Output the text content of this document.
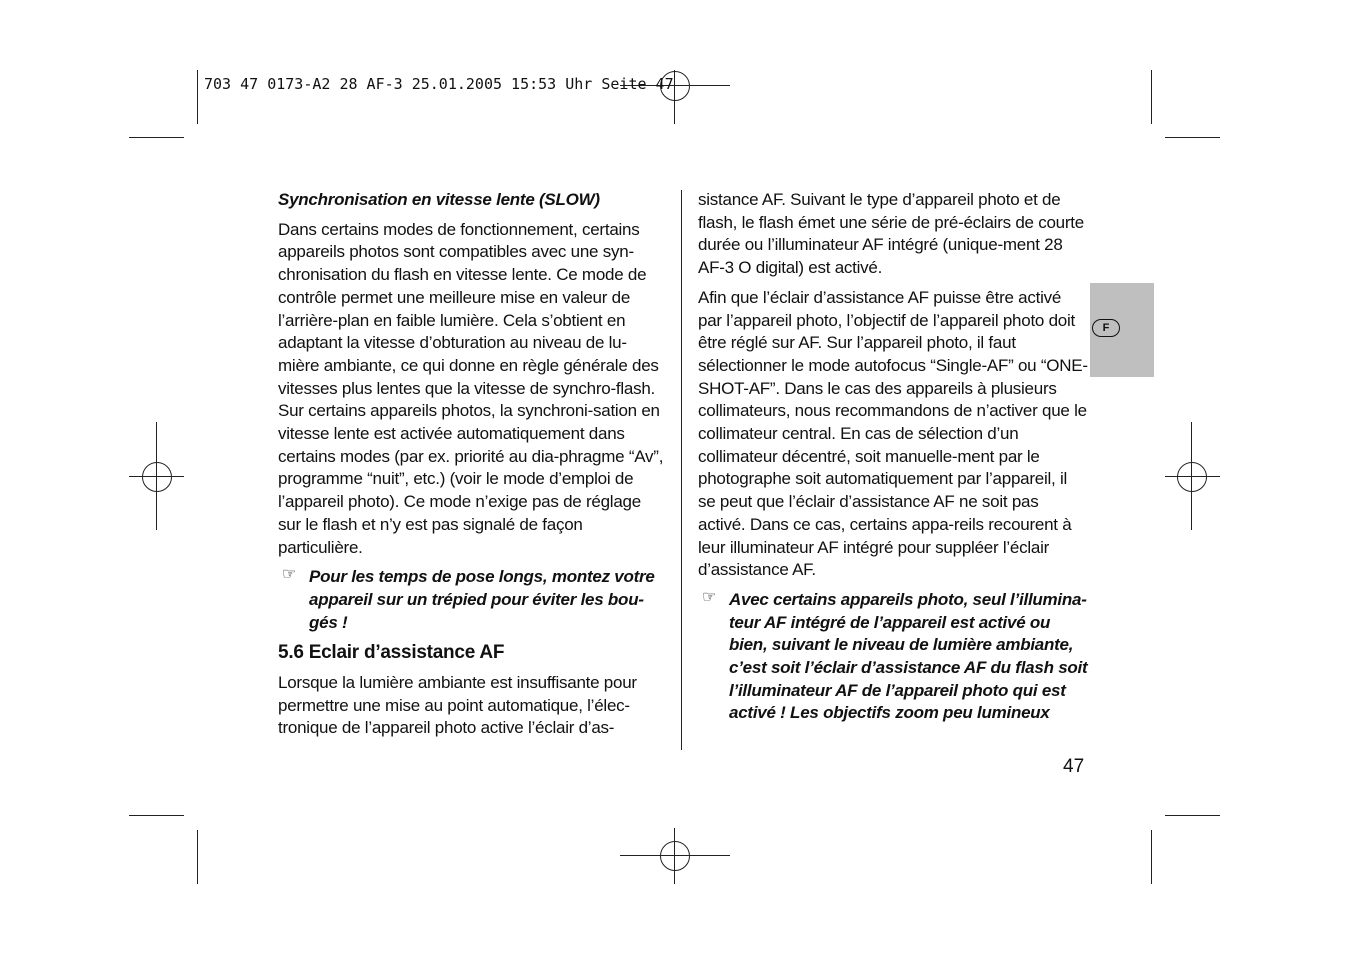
703 47 0173-A2 28 AF-3 25.01.2005 15:53 Uhr Seite 47

Synchronisation en vitesse lente (SLOW)

Dans certains modes de fonctionnement, certains appareils photos sont compatibles avec une syn-chronisation du flash en vitesse lente. Ce mode de contrôle permet une meilleure mise en valeur de l’arrière-plan en faible lumière. Cela s’obtient en adaptant la vitesse d’obturation au niveau de lu-mière ambiante, ce qui donne en règle générale des vitesses plus lentes que la vitesse de synchro-flash. Sur certains appareils photos, la synchroni-sation en vitesse lente est activée automatiquement dans certains modes (par ex. priorité au dia-phragme “Av”, programme “nuit”, etc.) (voir le mode d’emploi de l’appareil photo). Ce mode n’exige pas de réglage sur le flash et n’y est pas signalé de façon particulière.

☞ Pour les temps de pose longs, montez votre appareil sur un trépied pour éviter les bou-gés !

5.6 Eclair d’assistance AF

Lorsque la lumière ambiante est insuffisante pour permettre une mise au point automatique, l’élec-tronique de l’appareil photo active l’éclair d’as-

sistance AF. Suivant le type d’appareil photo et de flash, le flash émet une série de pré-éclairs de courte durée ou l’illuminateur AF intégré (unique-ment 28 AF-3 O digital) est activé.

Afin que l’éclair d’assistance AF puisse être activé par l’appareil photo, l’objectif de l’appareil photo doit être réglé sur AF. Sur l’appareil photo, il faut sélectionner le mode autofocus “Single-AF” ou “ONE-SHOT-AF”. Dans le cas des appareils à plusieurs collimateurs, nous recommandons de n’activer que le collimateur central. En cas de sélection d’un collimateur décentré, soit manuelle-ment par le photographe soit automatiquement par l’appareil, il se peut que l’éclair d’assistance AF ne soit pas activé. Dans ce cas, certains appa-reils recourent à leur illuminateur AF intégré pour suppléer l’éclair d’assistance AF.

☞ Avec certains appareils photo, seul l’illumina-teur AF intégré de l’appareil est activé ou bien, suivant le niveau de lumière ambiante, c’est soit l’éclair d’assistance AF du flash soit l’illuminateur AF de l’appareil photo qui est activé ! Les objectifs zoom peu lumineux
F
47
